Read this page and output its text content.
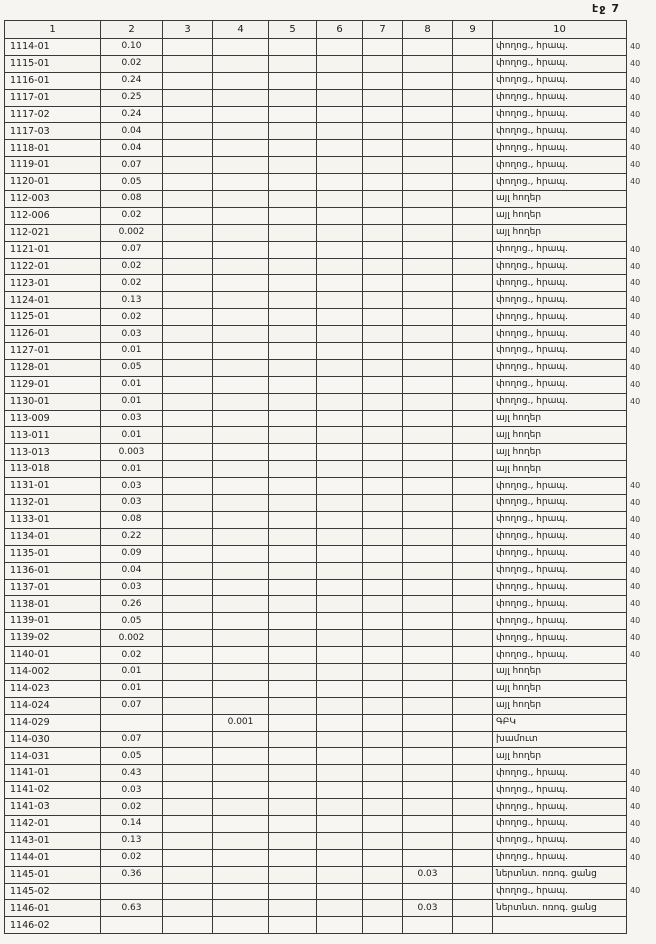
էջ 7
1	2	3	4	5	6	7	8	9	10	
1114-01	0.10								փողոց., հրապ.	40
1115-01	0.02								փողոց., հրապ.	40
1116-01	0.24								փողոց., հրապ.	40
1117-01	0.25								փողոց., հրապ.	40
1117-02	0.24								փողոց., հրապ.	40
1117-03	0.04								փողոց., հրապ.	40
1118-01	0.04								փողոց., հրապ.	40
1119-01	0.07								փողոց., հրապ.	40
1120-01	0.05								փողոց., հրապ.	40
112-003	0.08								այլ հողեր	
112-006	0.02								այլ հողեր	
112-021	0.002								այլ հողեր	
1121-01	0.07								փողոց., հրապ.	40
1122-01	0.02								փողոց., հրապ.	40
1123-01	0.02								փողոց., հրապ.	40
1124-01	0.13								փողոց., հրապ.	40
1125-01	0.02								փողոց., հրապ.	40
1126-01	0.03								փողոց., հրապ.	40
1127-01	0.01								փողոց., հրապ.	40
1128-01	0.05								փողոց., հրապ.	40
1129-01	0.01								փողոց., հրապ.	40
1130-01	0.01								փողոց., հրապ.	40
113-009	0.03								այլ հողեր	
113-011	0.01								այլ հողեր	
113-013	0.003								այլ հողեր	
113-018	0.01								այլ հողեր	
1131-01	0.03								փողոց., հրապ.	40
1132-01	0.03								փողոց., հրապ.	40
1133-01	0.08								փողոց., հրապ.	40
1134-01	0.22								փողոց., հրապ.	40
1135-01	0.09								փողոց., հրապ.	40
1136-01	0.04								փողոց., հրապ.	40
1137-01	0.03								փողոց., հրապ.	40
1138-01	0.26								փողոց., հրապ.	40
1139-01	0.05								փողոց., հրապ.	40
1139-02	0.002								փողոց., հրապ.	40
1140-01	0.02								փողոց., հրապ.	40
114-002	0.01								այլ հողեր	
114-023	0.01								այլ հողեր	
114-024	0.07								այլ հողեր	
114-029			0.001						ԳԲԿ	
114-030	0.07								խամուտ	
114-031	0.05								այլ հողեր	
1141-01	0.43								փողոց., հրապ.	40
1141-02	0.03								փողոց., հրապ.	40
1141-03	0.02								փողոց., հրապ.	40
1142-01	0.14								փողոց., հրապ.	40
1143-01	0.13								փողոց., հրապ.	40
1144-01	0.02								փողոց., հրապ.	40
1145-01	0.36						0.03		ներտնտ. ոռոգ. ցանց	
1145-02									փողոց., հրապ.	40
1146-01	0.63						0.03		ներտնտ. ոռոգ. ցանց	
1146-02										
